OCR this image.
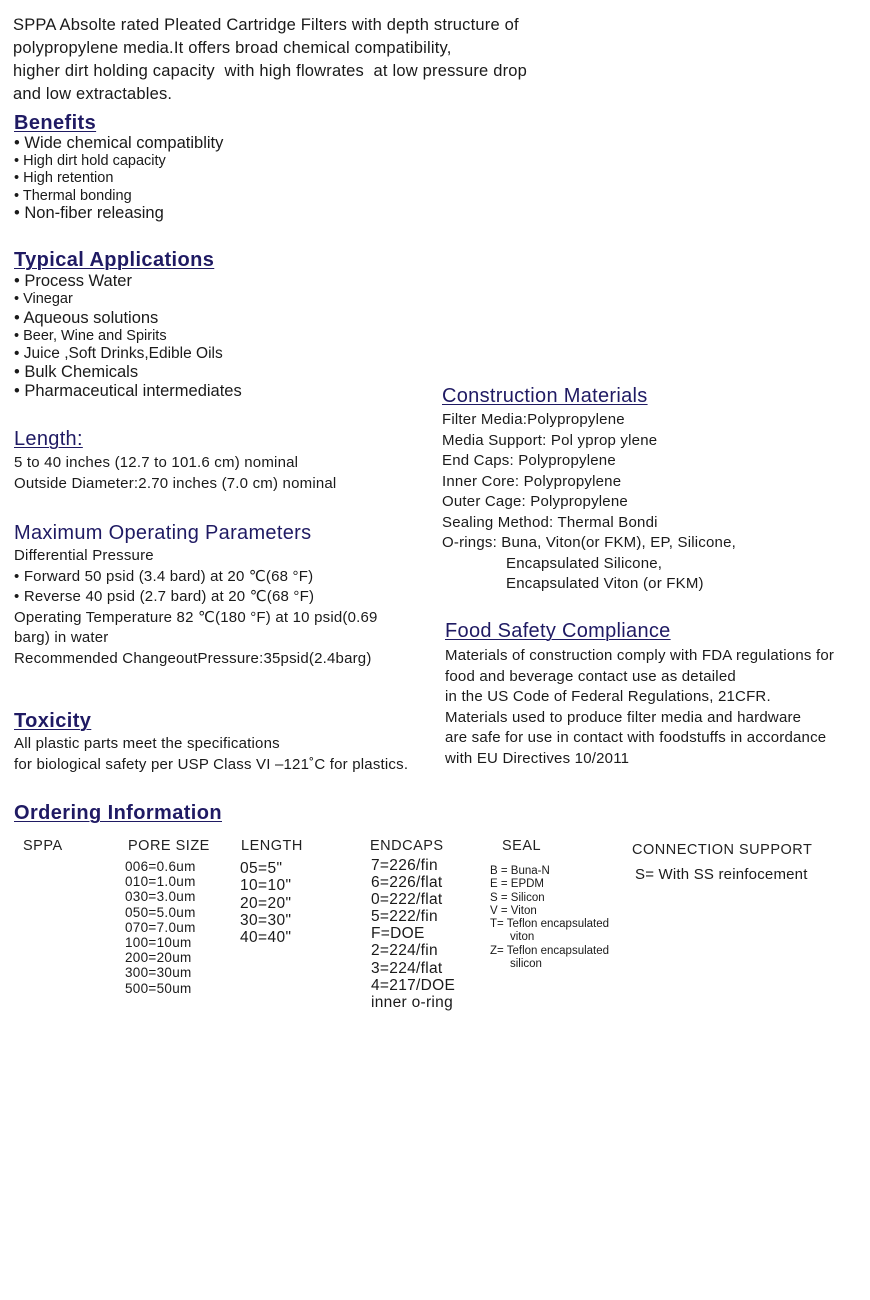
SPPA Absolte rated Pleated Cartridge Filters with depth structure of
polypropylene media.It offers broad chemical compatibility,
higher dirt holding capacity  with high flowrates  at low pressure drop
and low extractables.
Benefits
• Wide chemical compatiblity
• High dirt hold capacity
• High retention
• Thermal bonding
• Non-fiber releasing
Typical Applications
• Process Water
• Vinegar
• Aqueous solutions
• Beer, Wine and Spirits
• Juice ,Soft Drinks,Edible Oils
• Bulk Chemicals
• Pharmaceutical intermediates
Length:
5 to 40 inches (12.7 to 101.6 cm) nominal
Outside Diameter:2.70 inches (7.0 cm) nominal
Maximum Operating Parameters
Differential Pressure
• Forward 50 psid (3.4 bard) at 20 ℃(68 °F)
• Reverse 40 psid (2.7 bard) at 20 ℃(68 °F)
Operating Temperature 82 ℃(180 °F) at 10 psid(0.69
barg) in water
Recommended ChangeoutPressure:35psid(2.4barg)
Toxicity
All plastic parts meet the specifications
for biological safety per USP Class VI –121˚C for plastics.
Construction Materials
Filter Media:Polypropylene
Media Support: Pol yprop ylene
End Caps: Polypropylene
Inner Core: Polypropylene
Outer Cage: Polypropylene
Sealing Method: Thermal Bondi
O-rings: Buna, Viton(or FKM), EP, Silicone,
Encapsulated Silicone,
Encapsulated Viton (or FKM)
Food Safety Compliance
Materials of construction comply with FDA regulations for
food and beverage contact use as detailed
in the US Code of Federal Regulations, 21CFR.
Materials used to produce filter media and hardware
are safe for use in contact with foodstuffs in accordance
with EU Directives 10/2011
Ordering Information
SPPA	PORE SIZE
006=0.6um
010=1.0um
030=3.0um
050=5.0um
070=7.0um
100=10um
200=20um
300=30um
500=50um
LENGTH
05=5"
10=10"
20=20"
30=30"
40=40"
ENDCAPS
7=226/fin
6=226/flat
0=222/flat
5=222/fin
F=DOE
2=224/fin
3=224/flat
4=217/DOE
inner o-ring
SEAL
B = Buna-N
E = EPDM
S = Silicon
V = Viton
T= Teflon encapsulated
viton
Z= Teflon encapsulated
silicon
CONNECTION SUPPORT
S= With SS reinfocement
